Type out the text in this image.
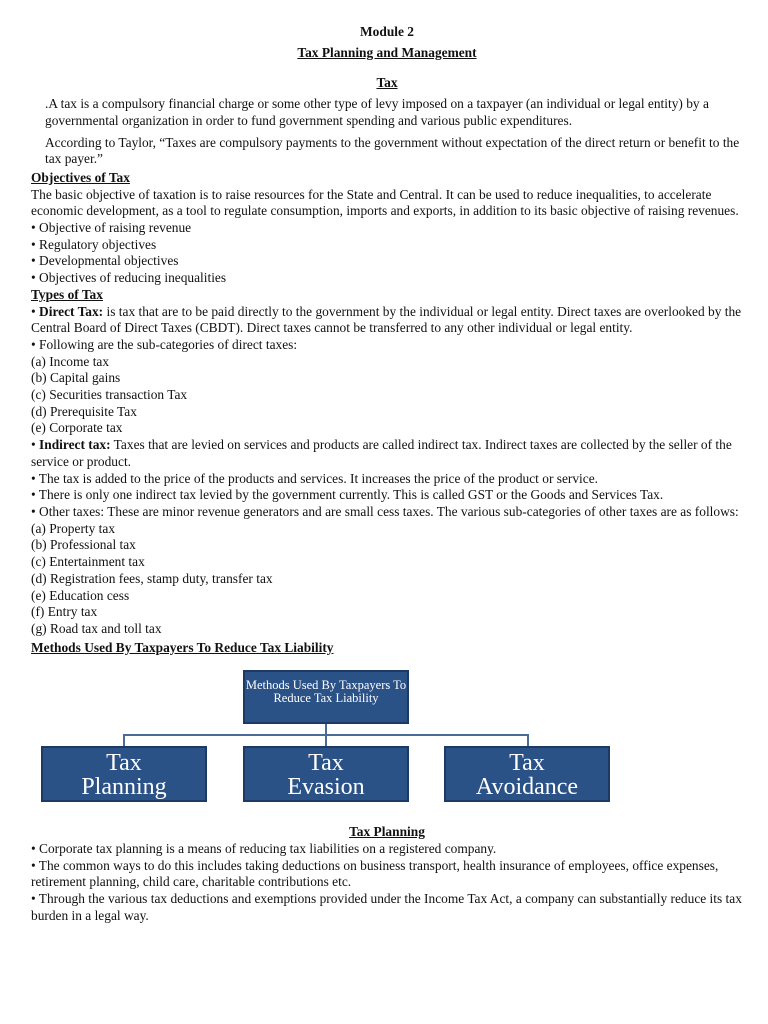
Module 2

Tax Planning and Management

Tax

.A tax is a compulsory financial charge or some other type of levy imposed on a taxpayer (an individual or legal entity) by a governmental organization in order to fund government spending and various public expenditures.

According to Taylor, “Taxes are compulsory payments to the government without expectation of the direct return or benefit to the tax payer.”

Objectives of Tax

The basic objective of taxation is to raise resources for the State and Central. It can be used to reduce inequalities, to accelerate economic development, as a tool to regulate consumption, imports and exports, in addition to its basic objective of raising revenues.

• Objective of raising revenue

• Regulatory objectives

• Developmental objectives

• Objectives of reducing inequalities

Types of Tax

• Direct Tax: is tax that are to be paid directly to the government by the individual or legal entity. Direct taxes are overlooked by the Central Board of Direct Taxes (CBDT). Direct taxes cannot be transferred to any other individual or legal entity.

• Following are the sub-categories of direct taxes:

(a) Income tax

(b) Capital gains

(c) Securities transaction Tax

(d) Prerequisite Tax

(e) Corporate tax

• Indirect tax: Taxes that are levied on services and products are called indirect tax. Indirect taxes are collected by the seller of the service or product.

• The tax is added to the price of the products and services. It increases the price of the product or service.

• There is only one indirect tax levied by the government currently. This is called GST or the Goods and Services Tax.

• Other taxes: These are minor revenue generators and are small cess taxes. The various sub-categories of other taxes are as follows:

(a) Property tax

(b) Professional tax

(c) Entertainment tax

(d) Registration fees, stamp duty, transfer tax

(e) Education cess

(f) Entry tax

(g) Road tax and toll tax

Methods Used By Taxpayers To Reduce Tax Liability

Methods Used By Taxpayers To Reduce Tax Liability
Tax
Planning
Tax
Evasion
Tax
Avoidance

Tax Planning

• Corporate tax planning is a means of reducing tax liabilities on a registered company.

• The common ways to do this includes taking deductions on business transport, health insurance of employees, office expenses, retirement planning, child care, charitable contributions etc.

• Through the various tax deductions and exemptions provided under the Income Tax Act, a company can substantially reduce its tax burden in a legal way.
